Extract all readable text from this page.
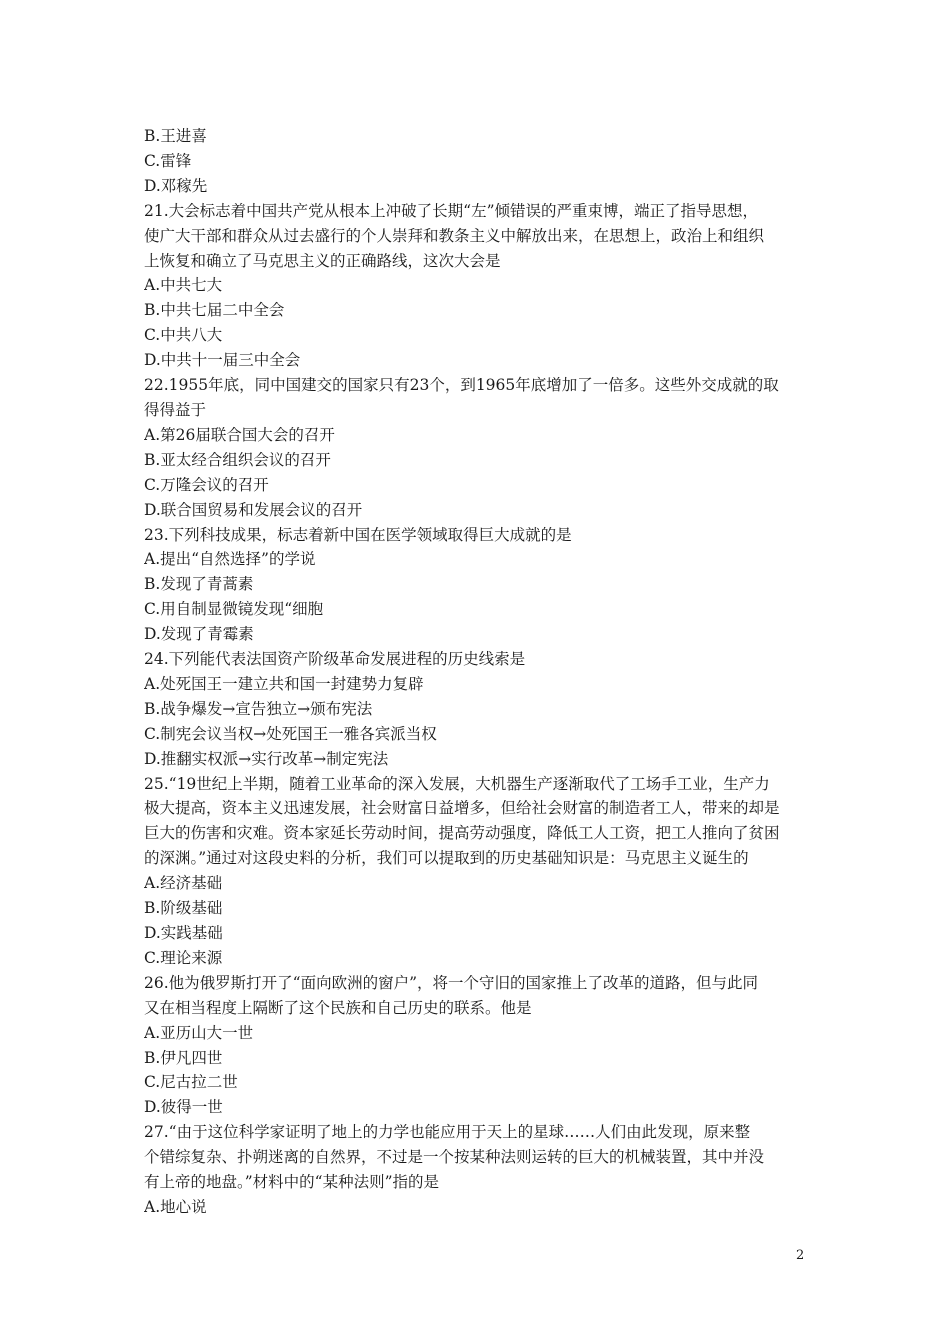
B.王进喜
C.雷锋
D.邓稼先
21.大会标志着中国共产党从根本上冲破了长期“左”倾错误的严重束博，端正了指导思想，
使广大干部和群众从过去盛行的个人崇拜和教条主义中解放出来，在思想上，政治上和组织
上恢复和确立了马克思主义的正确路线，这次大会是
A.中共七大
B.中共七届二中全会
C.中共八大
D.中共十一届三中全会
22.1955年底，同中国建交的国家只有23个，到1965年底增加了一倍多。这些外交成就的取
得得益于
A.第26届联合国大会的召开
B.亚太经合组织会议的召开
C.万隆会议的召开
D.联合国贸易和发展会议的召开
23.下列科技成果，标志着新中国在医学领域取得巨大成就的是
A.提出“自然选择”的学说
B.发现了青蒿素
C.用自制显微镜发现“细胞
D.发现了青霉素
24.下列能代表法国资产阶级革命发展进程的历史线索是
A.处死国王一建立共和国一封建势力复辟
B.战争爆发→宣告独立→颁布宪法
C.制宪会议当权→处死国王一雅各宾派当权
D.推翻实权派→实行改革→制定宪法
25.“19世纪上半期，随着工业革命的深入发展，大机器生产逐渐取代了工场手工业，生产力
极大提高，资本主义迅速发展，社会财富日益增多，但给社会财富的制造者工人，带来的却是
巨大的伤害和灾难。资本家延长劳动时间，提高劳动强度，降低工人工资，把工人推向了贫困
的深渊。”通过对这段史料的分析，我们可以提取到的历史基础知识是：马克思主义诞生的
A.经济基础
B.阶级基础
D.实践基础
C.理论来源
26.他为俄罗斯打开了“面向欧洲的窗户”，将一个守旧的国家推上了改革的道路，但与此同
又在相当程度上隔断了这个民族和自己历史的联系。他是
A.亚历山大一世
B.伊凡四世
C.尼古拉二世
D.彼得一世
27.“由于这位科学家证明了地上的力学也能应用于天上的星球……人们由此发现，原来整
个错综复杂、扑朔迷离的自然界，不过是一个按某种法则运转的巨大的机械装置，其中并没
有上帝的地盘。”材料中的“某种法则”指的是
A.地心说
2
